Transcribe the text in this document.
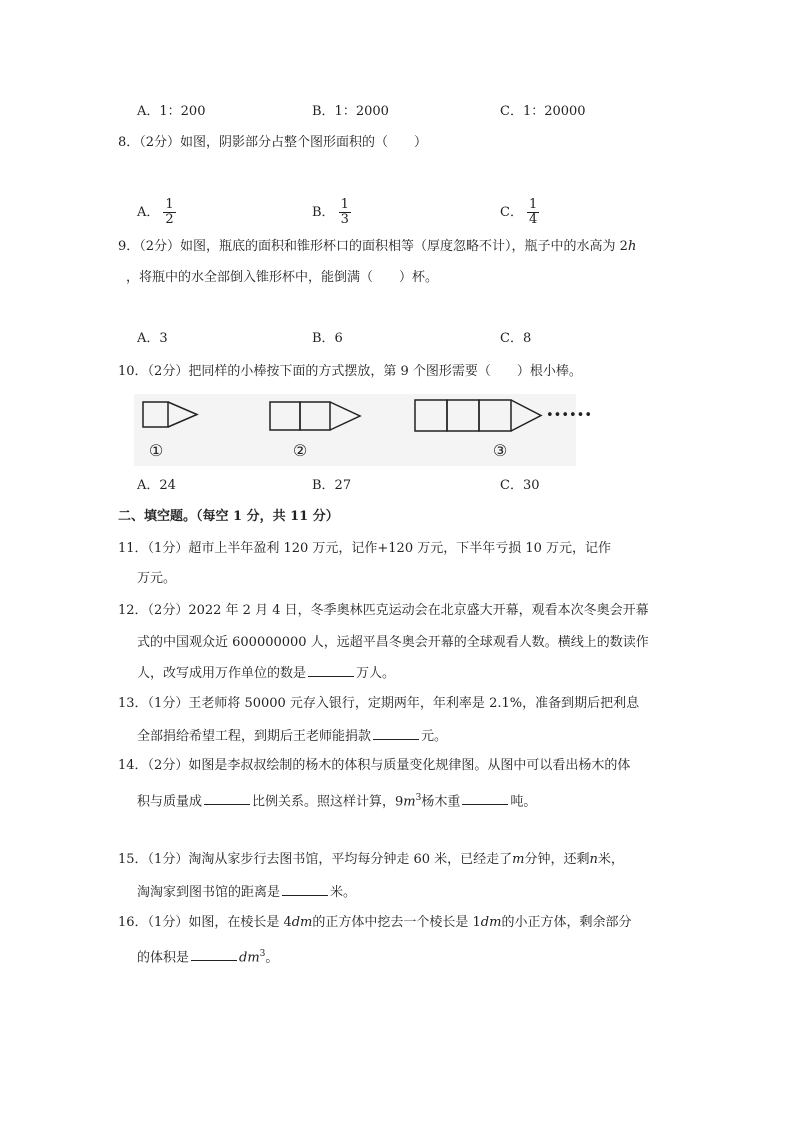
A．1：200	B．1：2000	C．1：20000
8．（2分）如图，阴影部分占整个图形面积的（　　）
A． $\frac{1}{2}$	B． $\frac{1}{3}$	C． $\frac{1}{4}$
9．（2分）如图，瓶底的面积和锥形杯口的面积相等（厚度忽略不计），瓶子中的水高为 2h
，将瓶中的水全部倒入锥形杯中，能倒满（　　）杯。
A．3	B．6	C．8
10．（2分）把同样的小棒按下面的方式摆放，第 9 个图形需要（　　）根小棒。
①	②
••••••
③
A．24	B．27	C．30
二、填空题。（每空 1 分，共 11 分）
11．（1分）超市上半年盈利 120 万元，记作+120 万元，下半年亏损 10 万元，记作
万元。
12．（2分）2022 年 2 月 4 日，冬季奥林匹克运动会在北京盛大开幕，观看本次冬奥会开幕
式的中国观众近 600000000 人，远超平昌冬奥会开幕的全球观看人数。横线上的数读作
人，改写成用万作单位的数是	万人。
13．（1分）王老师将 50000 元存入银行，定期两年，年利率是 2.1%，准备到期后把利息
全部捐给希望工程，到期后王老师能捐款	元。
14．（2分）如图是李叔叔绘制的杨木的体积与质量变化规律图。从图中可以看出杨木的体
积与质量成	比例关系。照这样计算，$9m^3$杨木重	吨。
15．（1分）淘淘从家步行去图书馆，平均每分钟走 60 米，已经走了m分钟，还剩n米，
淘淘家到图书馆的距离是	米。
16．（1分）如图，在棱长是 4dm的正方体中挖去一个棱长是 1dm的小正方体，剩余部分
的体积是	$dm^3$。
